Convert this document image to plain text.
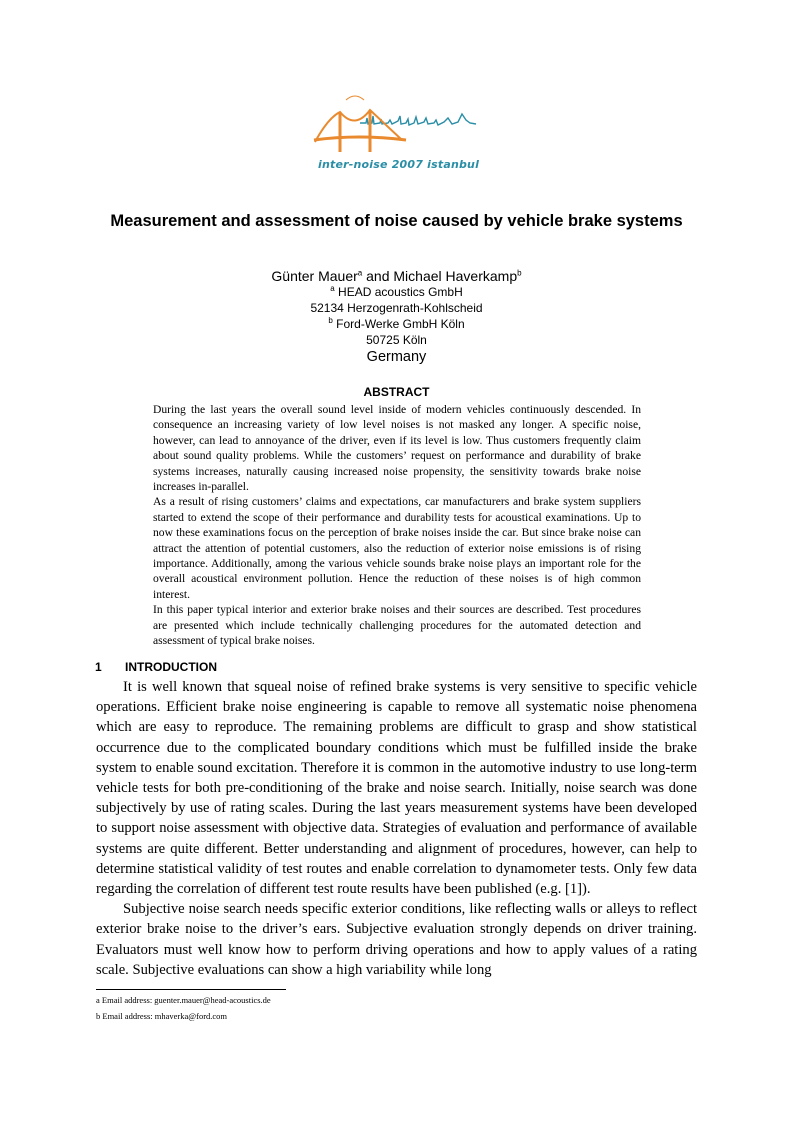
inter-noise 2007 istanbul
Measurement and assessment of noise caused by vehicle brake systems
Günter Mauer$^a$ and Michael Haverkamp$^b$
$^a$ HEAD acoustics GmbH
52134 Herzogenrath-Kohlscheid
$^b$ Ford-Werke GmbH Köln
50725 Köln
Germany
ABSTRACT

During the last years the overall sound level inside of modern vehicles continuously descended. In consequence an increasing variety of low level noises is not masked any longer. A specific noise, however, can lead to annoyance of the driver, even if its level is low. Thus customers frequently claim about sound quality problems. While the customers’ request on performance and durability of brake systems increases, naturally causing increased noise propensity, the sensitivity towards brake noise increases in-parallel.

As a result of rising customers’ claims and expectations, car manufacturers and brake system suppliers started to extend the scope of their performance and durability tests for acoustical examinations. Up to now these examinations focus on the perception of brake noises inside the car. But since brake noise can attract the attention of potential customers, also the reduction of exterior noise emissions is of rising importance. Additionally, among the various vehicle sounds brake noise plays an important role for the overall acoustical environment pollution. Hence the reduction of these noises is of high common interest.

In this paper typical interior and exterior brake noises and their sources are described. Test procedures are presented which include technically challenging procedures for the automated detection and assessment of typical brake noises.

1 INTRODUCTION

It is well known that squeal noise of refined brake systems is very sensitive to specific vehicle operations. Efficient brake noise engineering is capable to remove all systematic noise phenomena which are easy to reproduce. The remaining problems are difficult to grasp and show statistical occurrence due to the complicated boundary conditions which must be fulfilled inside the brake system to enable sound excitation. Therefore it is common in the automotive industry to use long-term vehicle tests for both pre-conditioning of the brake and noise search. Initially, noise search was done subjectively by use of rating scales. During the last years measurement systems have been developed to support noise assessment with objective data. Strategies of evaluation and performance of available systems are quite different. Better understanding and alignment of procedures, however, can help to determine statistical validity of test routes and enable correlation to dynamometer tests. Only few data regarding the correlation of different test route results have been published (e.g. [1]).

Subjective noise search needs specific exterior conditions, like reflecting walls or alleys to reflect exterior brake noise to the driver’s ears. Subjective evaluation strongly depends on driver training. Evaluators must well know how to perform driving operations and how to apply values of a rating scale. Subjective evaluations can show a high variability while long

a Email address: guenter.mauer@head-acoustics.de
b Email address: mhaverka@ford.com
